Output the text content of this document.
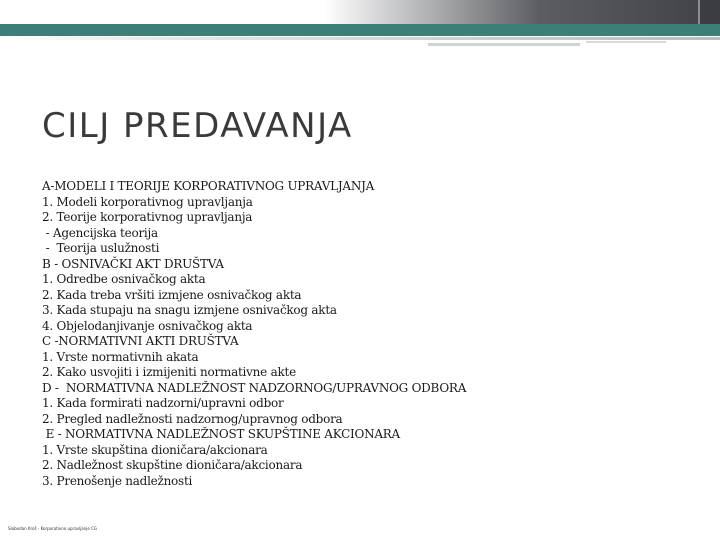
CILJ PREDAVANJA
A-MODELI I TEORIJE KORPORATIVNOG UPRAVLJANJA
1. Modeli korporativnog upravljanja
2. Teorije korporativnog upravljanja
- Agencijska teorija
-  Teorija uslužnosti
B - OSNIVAČKI AKT DRUŠTVA
1. Odredbe osnivačkog akta
2. Kada treba vršiti izmjene osnivačkog akta
3. Kada stupaju na snagu izmjene osnivačkog akta
4. Objelodanjivanje osnivačkog akta
C -NORMATIVNI AKTI DRUŠTVA
1. Vrste normativnih akata
2. Kako usvojiti i izmijeniti normativne akte
D -  NORMATIVNA NADLEŽNOST NADZORNOG/UPRAVNOG ODBORA
1. Kada formirati nadzorni/upravni odbor
2. Pregled nadležnosti nadzornog/upravnog odbora
E - NORMATIVNA NADLEŽNOST SKUPŠTINE AKCIONARA
1. Vrste skupština dioničara/akcionara
2. Nadležnost skupštine dioničara/akcionara
3. Prenošenje nadležnosti
Slobodan Kroš - Korporativno upravljanje CG
